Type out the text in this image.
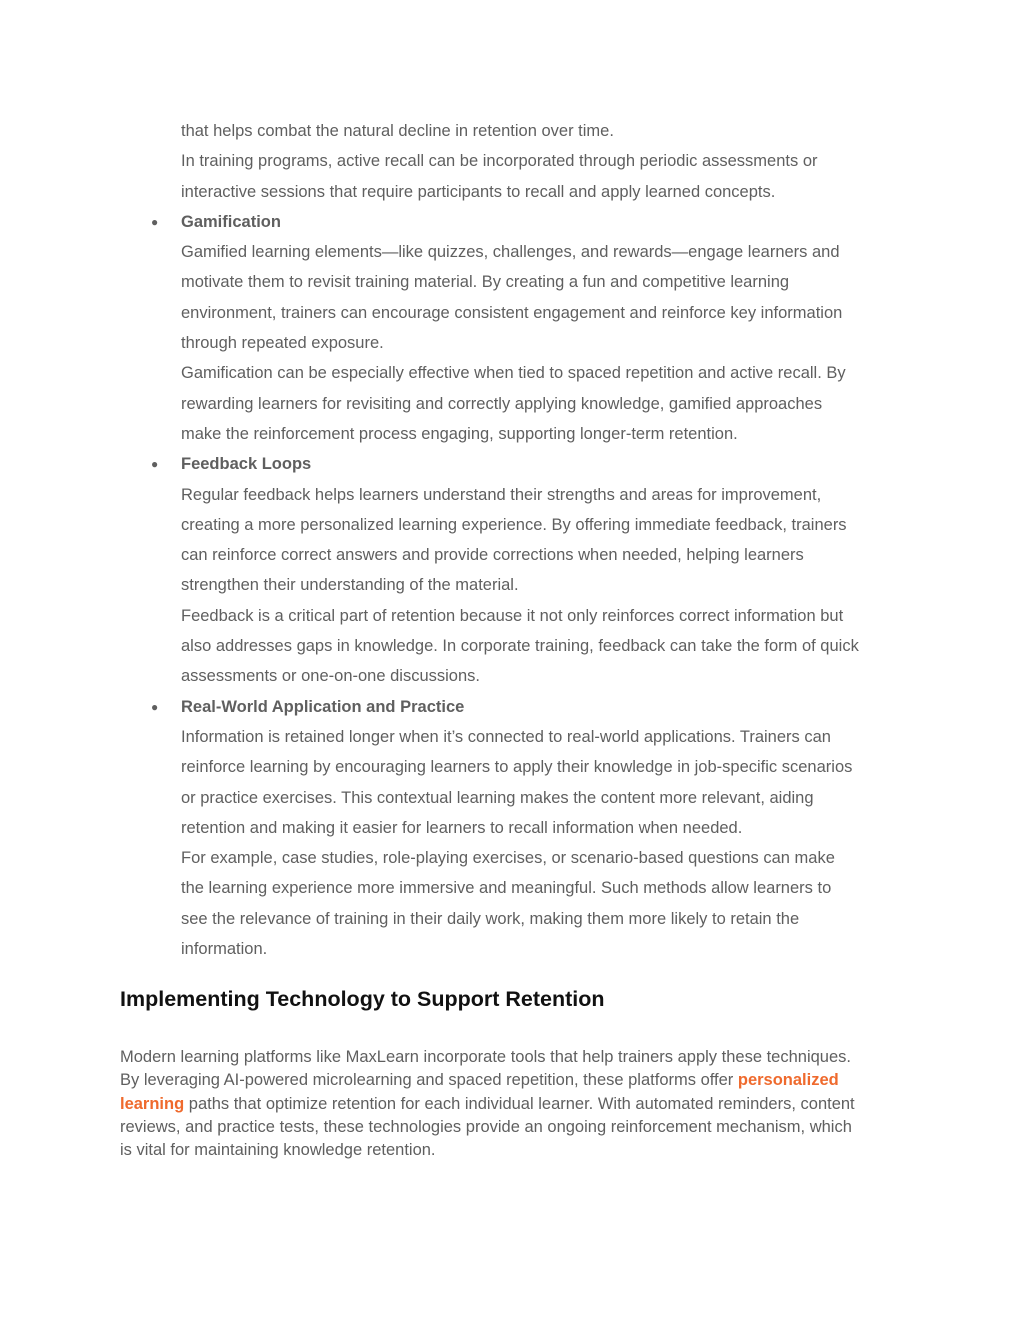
that helps combat the natural decline in retention over time.
In training programs, active recall can be incorporated through periodic assessments or
interactive sessions that require participants to recall and apply learned concepts.
● Gamification
Gamified learning elements—like quizzes, challenges, and rewards—engage learners and
motivate them to revisit training material. By creating a fun and competitive learning
environment, trainers can encourage consistent engagement and reinforce key information
through repeated exposure.
Gamification can be especially effective when tied to spaced repetition and active recall. By
rewarding learners for revisiting and correctly applying knowledge, gamified approaches
make the reinforcement process engaging, supporting longer-term retention.
● Feedback Loops
Regular feedback helps learners understand their strengths and areas for improvement,
creating a more personalized learning experience. By offering immediate feedback, trainers
can reinforce correct answers and provide corrections when needed, helping learners
strengthen their understanding of the material.
Feedback is a critical part of retention because it not only reinforces correct information but
also addresses gaps in knowledge. In corporate training, feedback can take the form of quick
assessments or one-on-one discussions.
● Real-World Application and Practice
Information is retained longer when it’s connected to real-world applications. Trainers can
reinforce learning by encouraging learners to apply their knowledge in job-specific scenarios
or practice exercises. This contextual learning makes the content more relevant, aiding
retention and making it easier for learners to recall information when needed.
For example, case studies, role-playing exercises, or scenario-based questions can make
the learning experience more immersive and meaningful. Such methods allow learners to
see the relevance of training in their daily work, making them more likely to retain the
information.
Implementing Technology to Support Retention
Modern learning platforms like MaxLearn incorporate tools that help trainers apply these techniques.
By leveraging AI-powered microlearning and spaced repetition, these platforms offer personalized
learning paths that optimize retention for each individual learner. With automated reminders, content
reviews, and practice tests, these technologies provide an ongoing reinforcement mechanism, which
is vital for maintaining knowledge retention.
